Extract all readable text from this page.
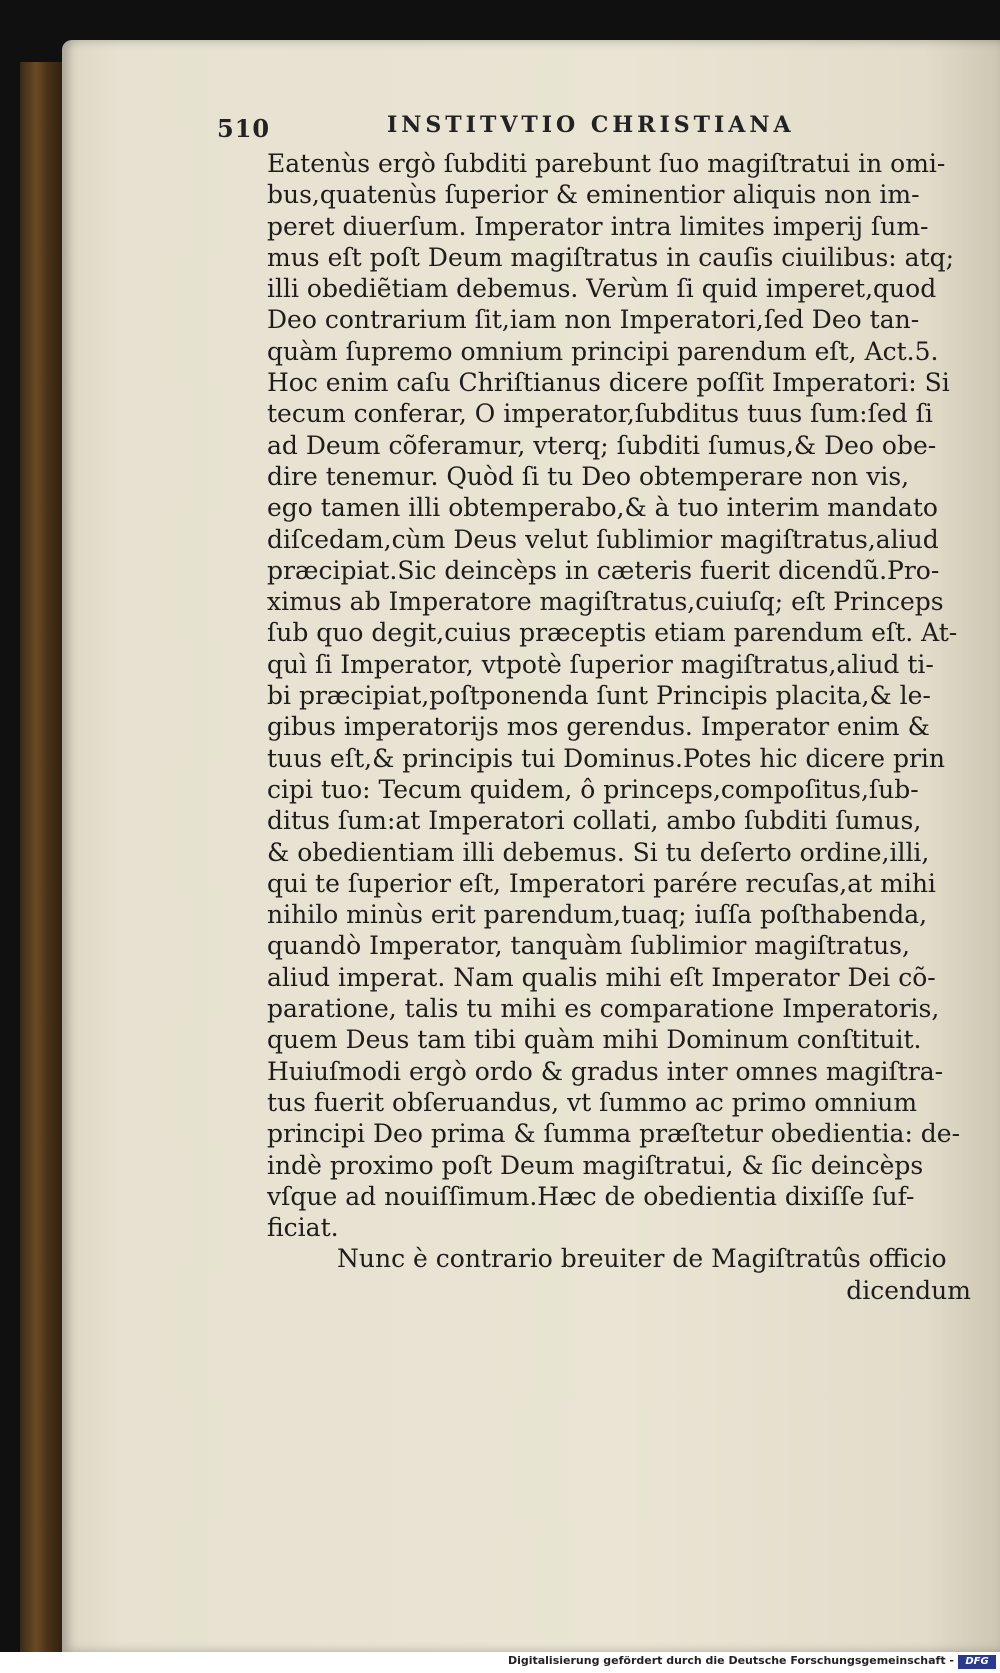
510	INSTITVTIO CHRISTIANA
Eatenùs ergò ſubditi parebunt ſuo magiſtratui in omi-
bus,quatenùs ſuperior & eminentior aliquis non im-
peret diuerſum. Imperator intra limites imperij ſum-
mus eſt poſt Deum magiſtratus in cauſis ciuilibus: atq;
illi obediẽtiam debemus. Verùm ſi quid imperet,quod
Deo contrarium ſit,iam non Imperatori,ſed Deo tan-
quàm ſupremo omnium principi parendum eſt, Act.5.
Hoc enim caſu Chriſtianus dicere poſſit Imperatori: Si
tecum conferar, O imperator,ſubditus tuus ſum:ſed ſi
ad Deum cõferamur, vterq; ſubditi ſumus,& Deo obe-
dire tenemur. Quòd ſi tu Deo obtemperare non vis,
ego tamen illi obtemperabo,& à tuo interim mandato
diſcedam,cùm Deus velut ſublimior magiſtratus,aliud
præcipiat.Sic deincèps in cæteris fuerit dicendũ.Pro-
ximus ab Imperatore magiſtratus,cuiuſq; eſt Princeps
ſub quo degit,cuius præceptis etiam parendum eſt. At-
quì ſi Imperator, vtpotè ſuperior magiſtratus,aliud ti-
bi præcipiat,poſtponenda ſunt Principis placita,& le-
gibus imperatorijs mos gerendus. Imperator enim &
tuus eſt,& principis tui Dominus.Potes hic dicere prin
cipi tuo: Tecum quidem, ô princeps,compoſitus,ſub-
ditus ſum:at Imperatori collati, ambo ſubditi ſumus,
& obedientiam illi debemus. Si tu deſerto ordine,illi,
qui te ſuperior eſt, Imperatori parére recuſas,at mihi
nihilo minùs erit parendum,tuaq; iuſſa poſthabenda,
quandò Imperator, tanquàm ſublimior magiſtratus,
aliud imperat. Nam qualis mihi eſt Imperator Dei cõ-
paratione, talis tu mihi es comparatione Imperatoris,
quem Deus tam tibi quàm mihi Dominum conſtituit.
Huiuſmodi ergò ordo & gradus inter omnes magiſtra-
tus fuerit obſeruandus, vt ſummo ac primo omnium
principi Deo prima & ſumma præſtetur obedientia: de-
indè proximo poſt Deum magiſtratui, & ſic deincèps
vſque ad nouiſſimum.Hæc de obedientia dixiſſe ſuf-
ficiat.
Nunc è contrario breuiter de Magiſtratûs officio
dicendum
Digitalisierung gefördert durch die Deutsche Forschungsgemeinschaft -	DFG
